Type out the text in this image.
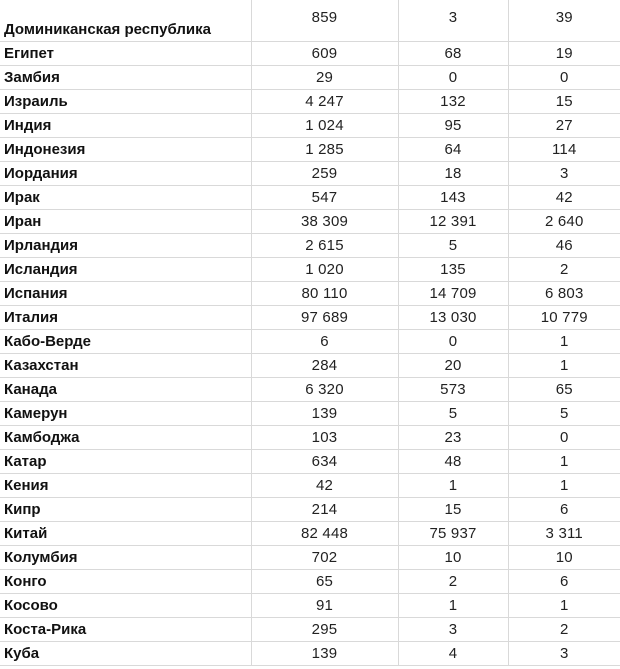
Доминиканская республика	859	3	39
Египет	609	68	19
Замбия	29	0	0
Израиль	4 247	132	15
Индия	1 024	95	27
Индонезия	1 285	64	114
Иордания	259	18	3
Ирак	547	143	42
Иран	38 309	12 391	2 640
Ирландия	2 615	5	46
Исландия	1 020	135	2
Испания	80 110	14 709	6 803
Италия	97 689	13 030	10 779
Кабо-Верде	6	0	1
Казахстан	284	20	1
Канада	6 320	573	65
Камерун	139	5	5
Камбоджа	103	23	0
Катар	634	48	1
Кения	42	1	1
Кипр	214	15	6
Китай	82 448	75 937	3 311
Колумбия	702	10	10
Конго	65	2	6
Косово	91	1	1
Коста-Рика	295	3	2
Куба	139	4	3
